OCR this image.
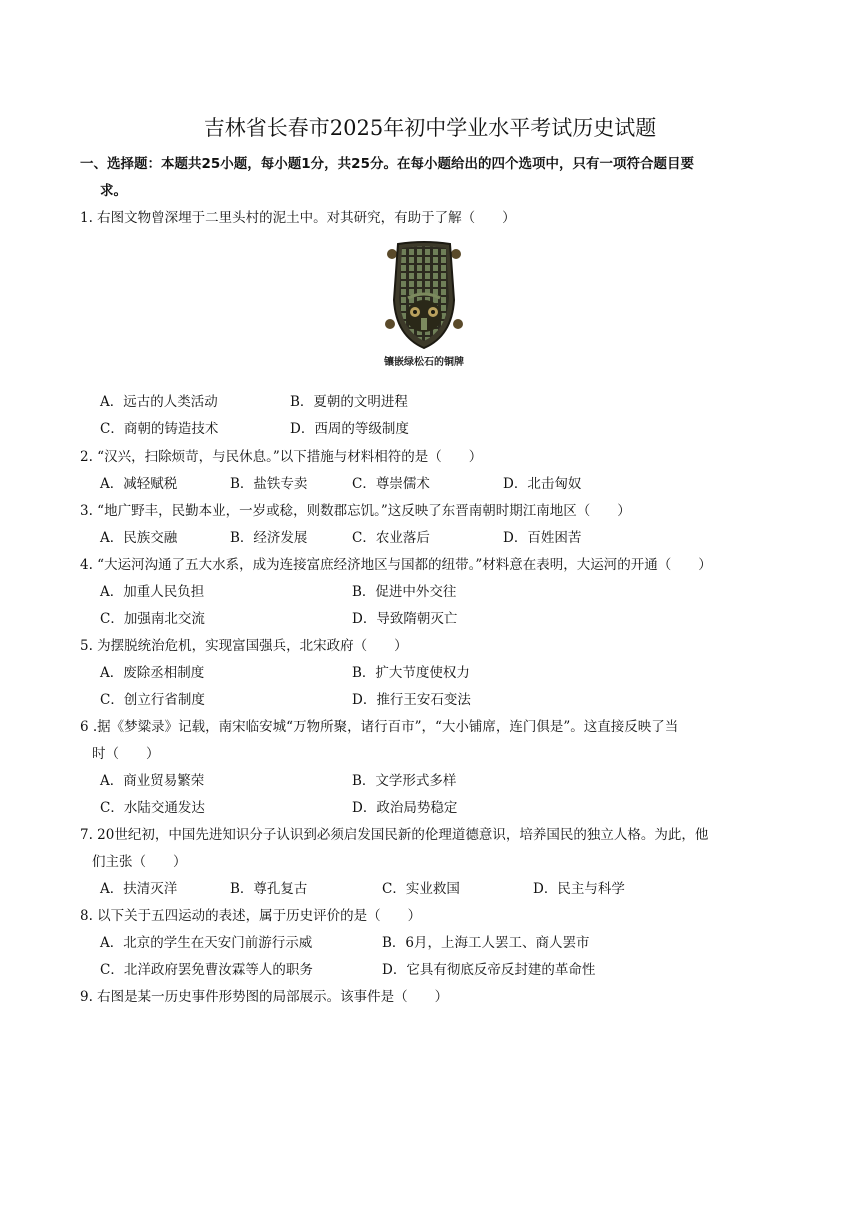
吉林省长春市2025年初中学业水平考试历史试题
一、选择题：本题共25小题，每小题1分，共25分。在每小题给出的四个选项中，只有一项符合题目要
求。
1. 右图文物曾深埋于二里头村的泥土中。对其研究，有助于了解（　　）
镶嵌绿松石的铜牌
A．远古的人类活动	B．夏朝的文明进程
C．商朝的铸造技术	D．西周的等级制度
2. “汉兴，扫除烦苛，与民休息。”以下措施与材料相符的是（　　）
A．减轻赋税	B．盐铁专卖	C．尊崇儒术	D．北击匈奴
3. “地广野丰，民勤本业，一岁或稔，则数郡忘饥。”这反映了东晋南朝时期江南地区（　　）
A．民族交融	B．经济发展	C．农业落后	D．百姓困苦
4. “大运河沟通了五大水系，成为连接富庶经济地区与国都的纽带。”材料意在表明，大运河的开通（　　）
A．加重人民负担	B．促进中外交往
C．加强南北交流	D．导致隋朝灭亡
5. 为摆脱统治危机，实现富国强兵，北宋政府（　　）
A．废除丞相制度	B．扩大节度使权力
C．创立行省制度	D．推行王安石变法
6 .据《梦粱录》记载，南宋临安城“万物所聚，诸行百市”，“大小铺席，连门俱是”。这直接反映了当
时（　　）
A．商业贸易繁荣	B．文学形式多样
C．水陆交通发达	D．政治局势稳定
7. 20世纪初，中国先进知识分子认识到必须启发国民新的伦理道德意识，培养国民的独立人格。为此，他
们主张（　　）
A．扶清灭洋	B．尊孔复古	C．实业救国	D．民主与科学
8. 以下关于五四运动的表述，属于历史评价的是（　　）
A．北京的学生在天安门前游行示威	B．6月，上海工人罢工、商人罢市
C．北洋政府罢免曹汝霖等人的职务	D．它具有彻底反帝反封建的革命性
9. 右图是某一历史事件形势图的局部展示。该事件是（　　）
